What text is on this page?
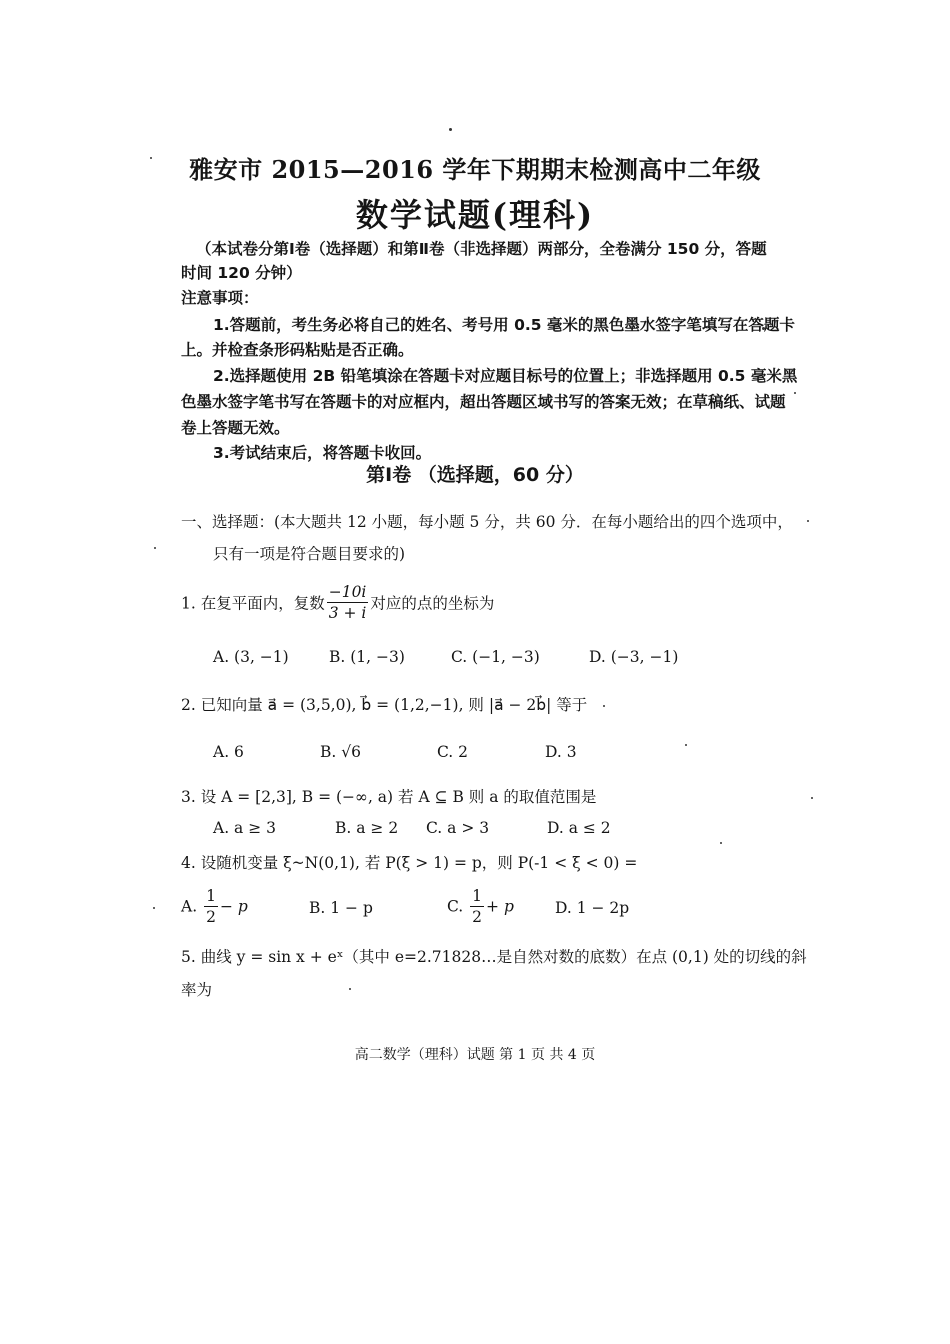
雅安市 2015—2016 学年下期期末检测高中二年级
数学试题(理科)
（本试卷分第Ⅰ卷（选择题）和第Ⅱ卷（非选择题）两部分，全卷满分 150 分，答题
时间 120 分钟）
注意事项：
1.答题前，考生务必将自己的姓名、考号用 0.5 毫米的黑色墨水签字笔填写在答题卡
上。并检查条形码粘贴是否正确。
2.选择题使用 2B 铅笔填涂在答题卡对应题目标号的位置上；非选择题用 0.5 毫米黑
色墨水签字笔书写在答题卡的对应框内，超出答题区域书写的答案无效；在草稿纸、试题
卷上答题无效。
3.考试结束后，将答题卡收回。
第Ⅰ卷 （选择题，60 分）
一、选择题：(本大题共 12 小题，每小题 5 分，共 60 分．在每小题给出的四个选项中，
只有一项是符合题目要求的)
1. 在复平面内，复数 $\frac{-10i}{3 + i}$ 对应的点的坐标为
A. (3, −1)	B. (1, −3)	C. (−1, −3)	D. (−3, −1)
2. 已知向量 a⃗ = (3,5,0), b⃗ = (1,2,−1), 则 |a⃗ − 2b⃗| 等于
A. 6	B. √6	C. 2	D. 3
3. 设 A = [2,3], B = (−∞, a) 若 A ⊆ B 则 a 的取值范围是
A. a ≥ 3	B. a ≥ 2 C. a > 3	D. a ≤ 2
4. 设随机变量 ξ~N(0,1), 若 P(ξ > 1) = p，则 P(-1 < ξ < 0) =
A. $\frac{1}{2} - p$	B. 1 − p	C. $\frac{1}{2} + p$	D. 1 − 2p
5. 曲线 y = sin x + eˣ（其中 e=2.71828…是自然对数的底数）在点 (0,1) 处的切线的斜
率为
高二数学（理科）试题 第 1 页 共 4 页
